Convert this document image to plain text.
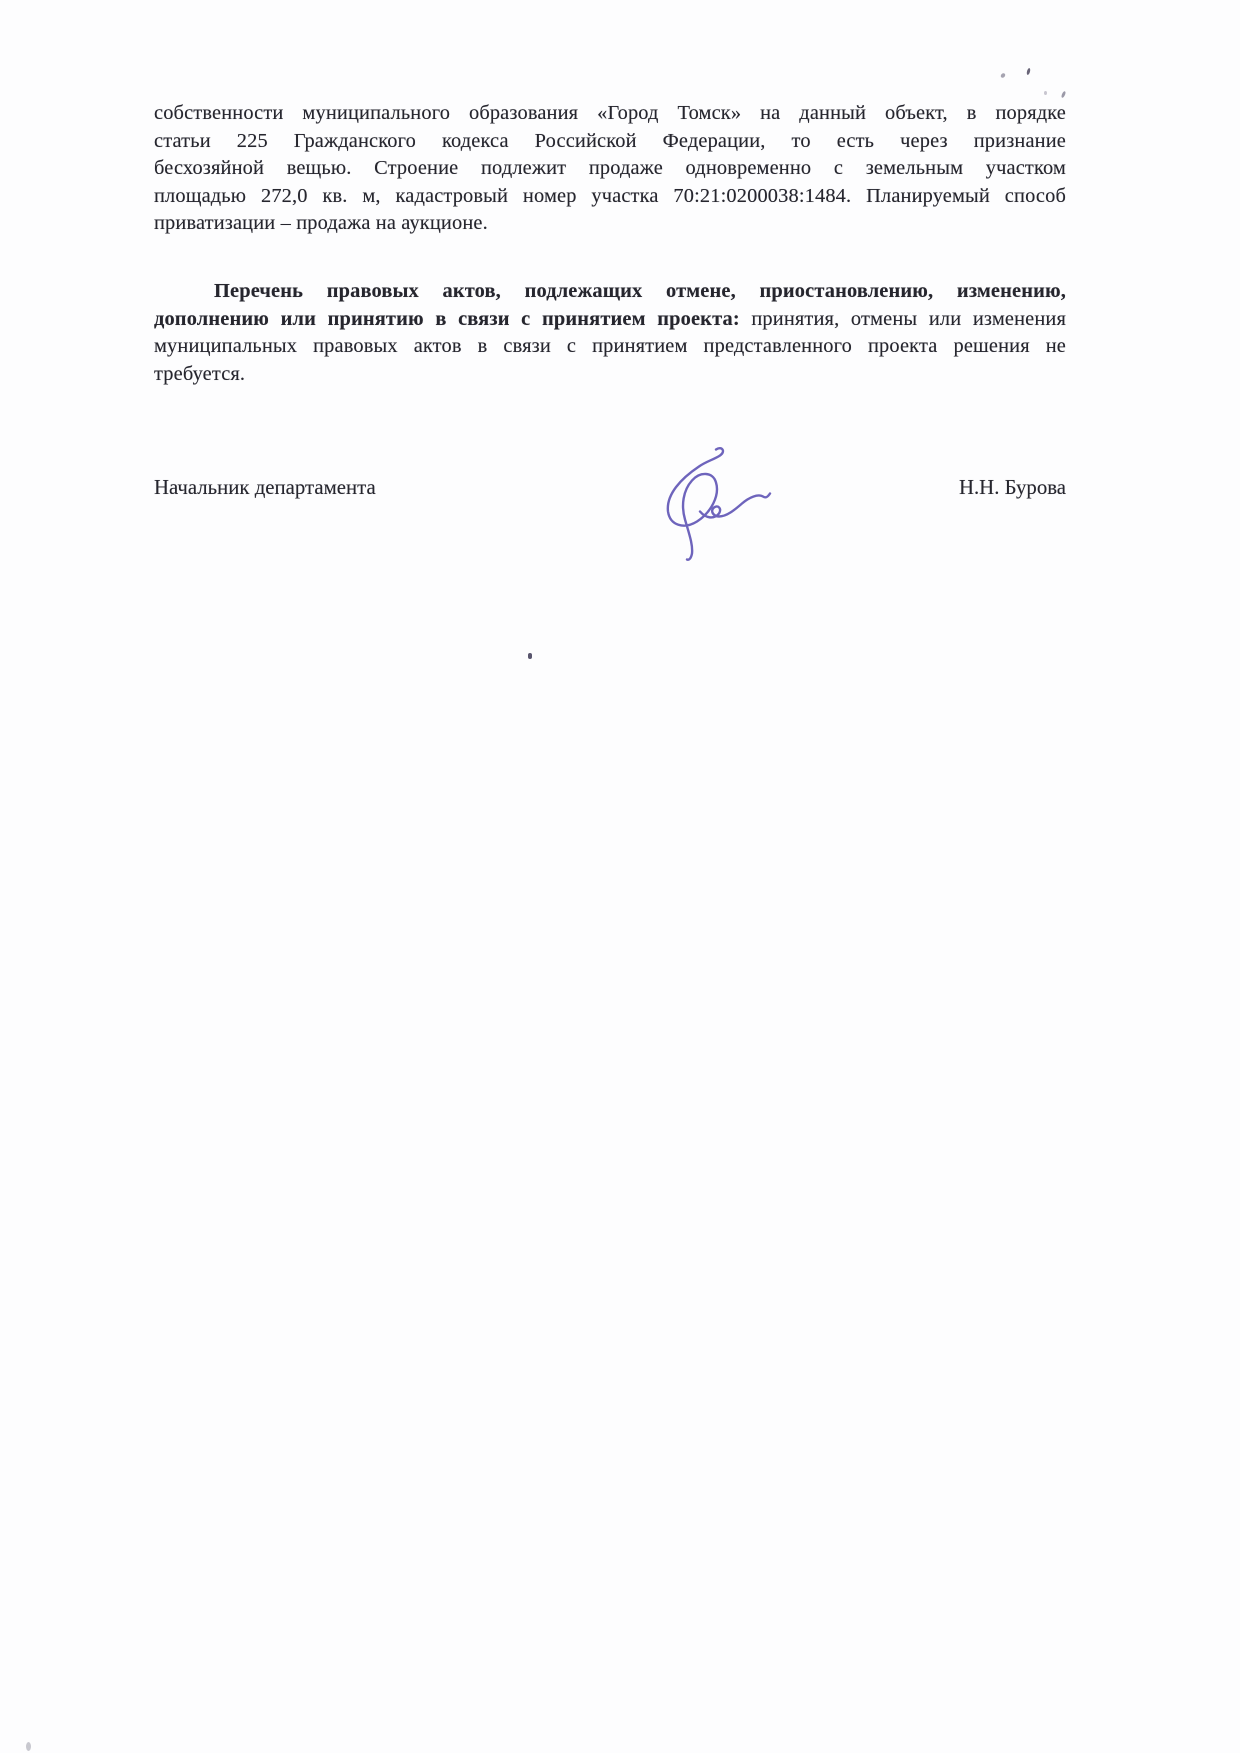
собственности муниципального образования «Город Томск» на данный объект, в порядке
статьи 225 Гражданского кодекса Российской Федерации, то есть через признание
бесхозяйной вещью. Строение подлежит продаже одновременно с земельным участком
площадью 272,0 кв. м, кадастровый номер участка 70:21:0200038:1484. Планируемый способ
приватизации – продажа на аукционе.
Перечень правовых актов, подлежащих отмене, приостановлению, изменению,
дополнению или принятию в связи с принятием проекта: принятия, отмены или изменения
муниципальных правовых актов в связи с принятием представленного проекта решения не
требуется.
Начальник департамента	Н.Н. Бурова
